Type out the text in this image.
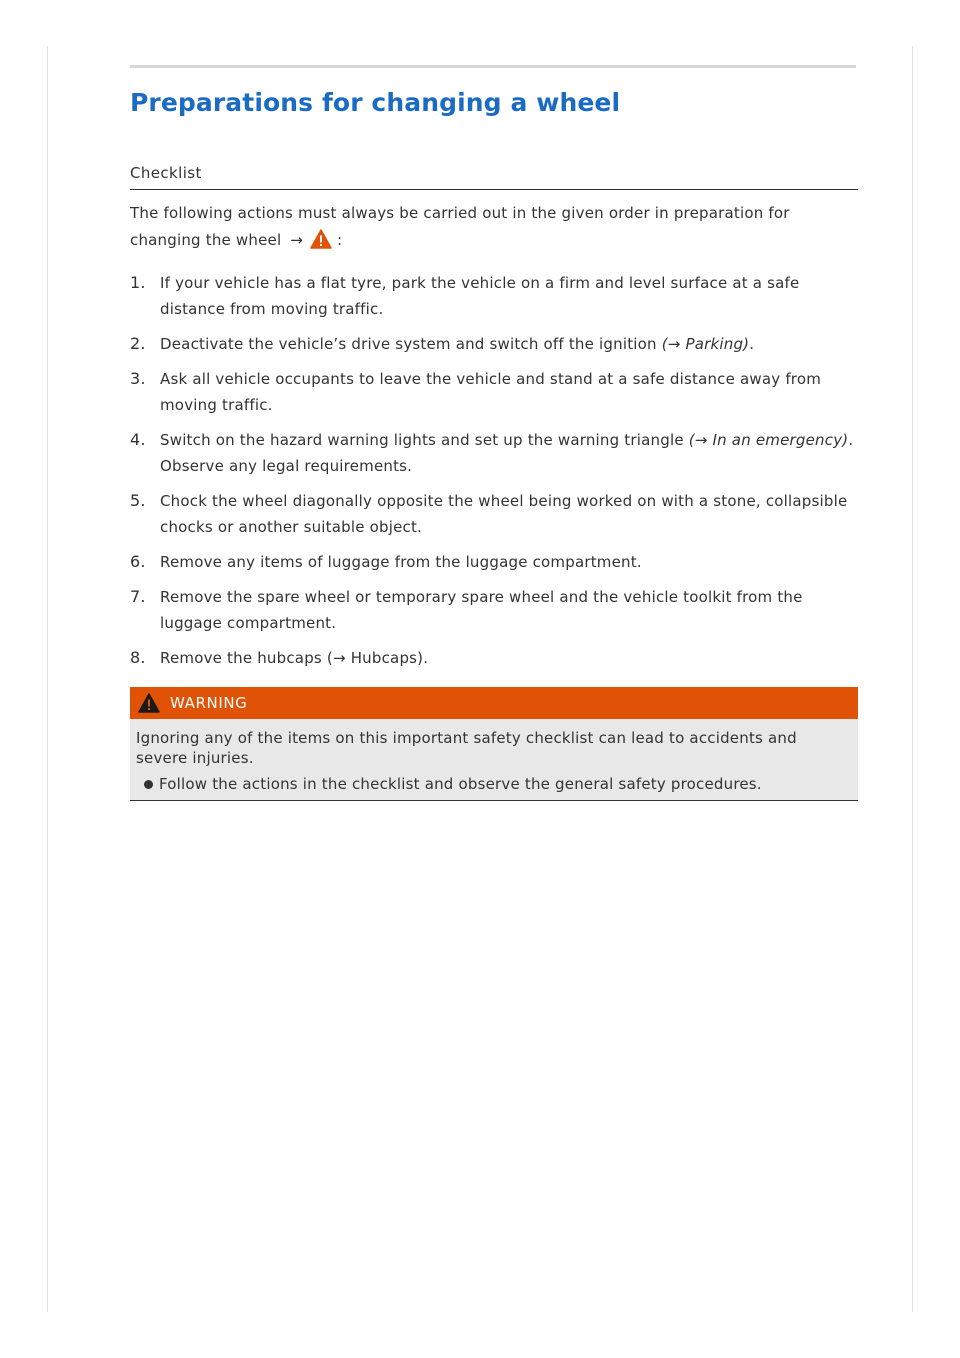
Preparations for changing a wheel
Checklist
The following actions must always be carried out in the given order in preparation for changing the wheel → :
1. If your vehicle has a flat tyre, park the vehicle on a firm and level surface at a safe distance from moving traffic.
2. Deactivate the vehicle’s drive system and switch off the ignition (→ Parking).
3. Ask all vehicle occupants to leave the vehicle and stand at a safe distance away from moving traffic.
4. Switch on the hazard warning lights and set up the warning triangle (→ In an emergency). Observe any legal requirements.
5. Chock the wheel diagonally opposite the wheel being worked on with a stone, collapsible chocks or another suitable object.
6. Remove any items of luggage from the luggage compartment.
7. Remove the spare wheel or temporary spare wheel and the vehicle toolkit from the luggage compartment.
8. Remove the hubcaps (→ Hubcaps).
WARNING
Ignoring any of the items on this important safety checklist can lead to accidents and severe injuries.
Follow the actions in the checklist and observe the general safety procedures.
